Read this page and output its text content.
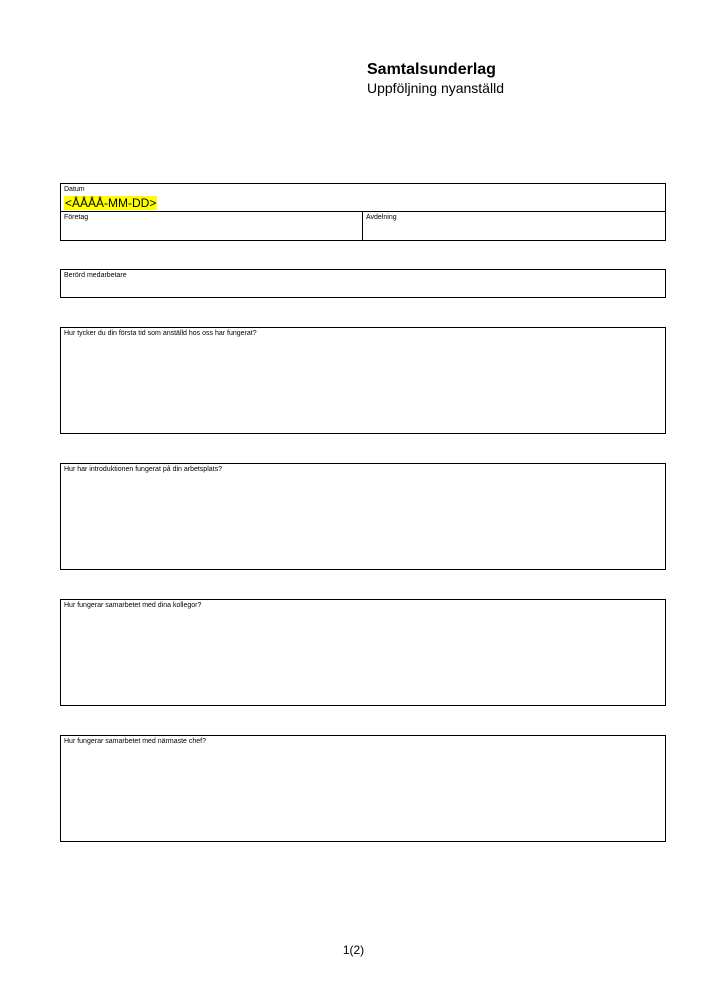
Samtalsunderlag
Uppföljning nyanställd
Datum
<ÅÅÅÅ-MM-DD>
Företag	Avdelning
Berörd medarbetare
Hur tycker du din första tid som anställd hos oss har fungerat?
Hur har introduktionen fungerat på din arbetsplats?
Hur fungerar samarbetet med dina kollegor?
Hur fungerar samarbetet med närmaste chef?
1(2)
